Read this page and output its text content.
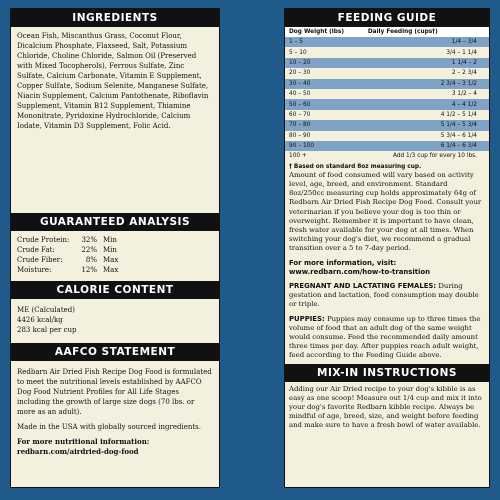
INGREDIENTS
Ocean Fish, Miscanthus Grass, Coconut Flour, Dicalcium Phosphate, Flaxseed, Salt, Potassium Chloride, Choline Chloride, Salmon Oil (Preserved with Mixed Tocopherols), Ferrous Sulfate, Zinc Sulfate, Calcium Carbonate, Vitamin E Supplement, Copper Sulfate, Sodium Selenite, Manganese Sulfate, Niacin Supplement, Calcium Pantothenate, Riboflavin Supplement, Vitamin B12 Supplement, Thiamine Mononitrate, Pyridoxine Hydrochloride, Calcium Iodate, Vitamin D3 Supplement, Folic Acid.
GUARANTEED ANALYSIS
Crude Protein:	32% Min
Crude Fat:	22% Min
Crude Fiber:	8% Max
Moisture:	12% Max
CALORIE CONTENT
ME (Calculated)
4426 kcal/kg
283 kcal per cup
AAFCO STATEMENT
Redbarn Air Dried Fish Recipe Dog Food is formulated to meet the nutritional levels established by AAFCO Dog Food Nutrient Profiles for All Life Stages including the growth of large size dogs (70 lbs. or more as an adult).
Made in the USA with globally sourced ingredients.
For more nutritional information:
redbarn.com/airdried-dog-food
FEEDING GUIDE
Dog Weight (lbs)	Daily Feeding (cups†)
1 – 5	1/4 – 3/4
5 – 10	3/4 – 1 1/4
10 – 20	1 1/4 – 2
20 – 30	2 – 2 3/4
30 – 40	2 3/4 – 3 1/2
40 – 50	3 1/2 – 4
50 – 60	4 – 4 1/2
60 – 70	4 1/2 – 5 1/4
70 – 80	5 1/4 – 5 3/4
80 – 90	5 3/4 – 6 1/4
90 – 100	6 1/4 – 6 3/4
100 +	Add 1/3 cup for every 10 lbs.
† Based on standard 8oz measuring cup.
Amount of food consumed will vary based on activity level, age, breed, and environment. Standard 8oz/250cc measuring cup holds approximately 64g of Redbarn Air Dried Fish Recipe Dog Food. Consult your veterinarian if you believe your dog is too thin or overweight. Remember it is important to have clean, fresh water available for your dog at all times. When switching your dog's diet, we recommend a gradual transition over a 5 to 7-day period.
For more information, visit:
www.redbarn.com/how-to-transition
PREGNANT AND LACTATING FEMALES: During gestation and lactation, food consumption may double or triple.
PUPPIES: Puppies may consume up to three times the volume of food that an adult dog of the same weight would consume. Feed the recommended daily amount three times per day. After puppies reach adult weight, feed according to the Feeding Guide above.
MIX-IN INSTRUCTIONS
Adding our Air Dried recipe to your dog's kibble is as easy as one scoop! Measure out 1/4 cup and mix it into your dog's favorite Redbarn kibble recipe. Always be mindful of age, breed, size, and weight before feeding and make sure to have a fresh bowl of water available.
